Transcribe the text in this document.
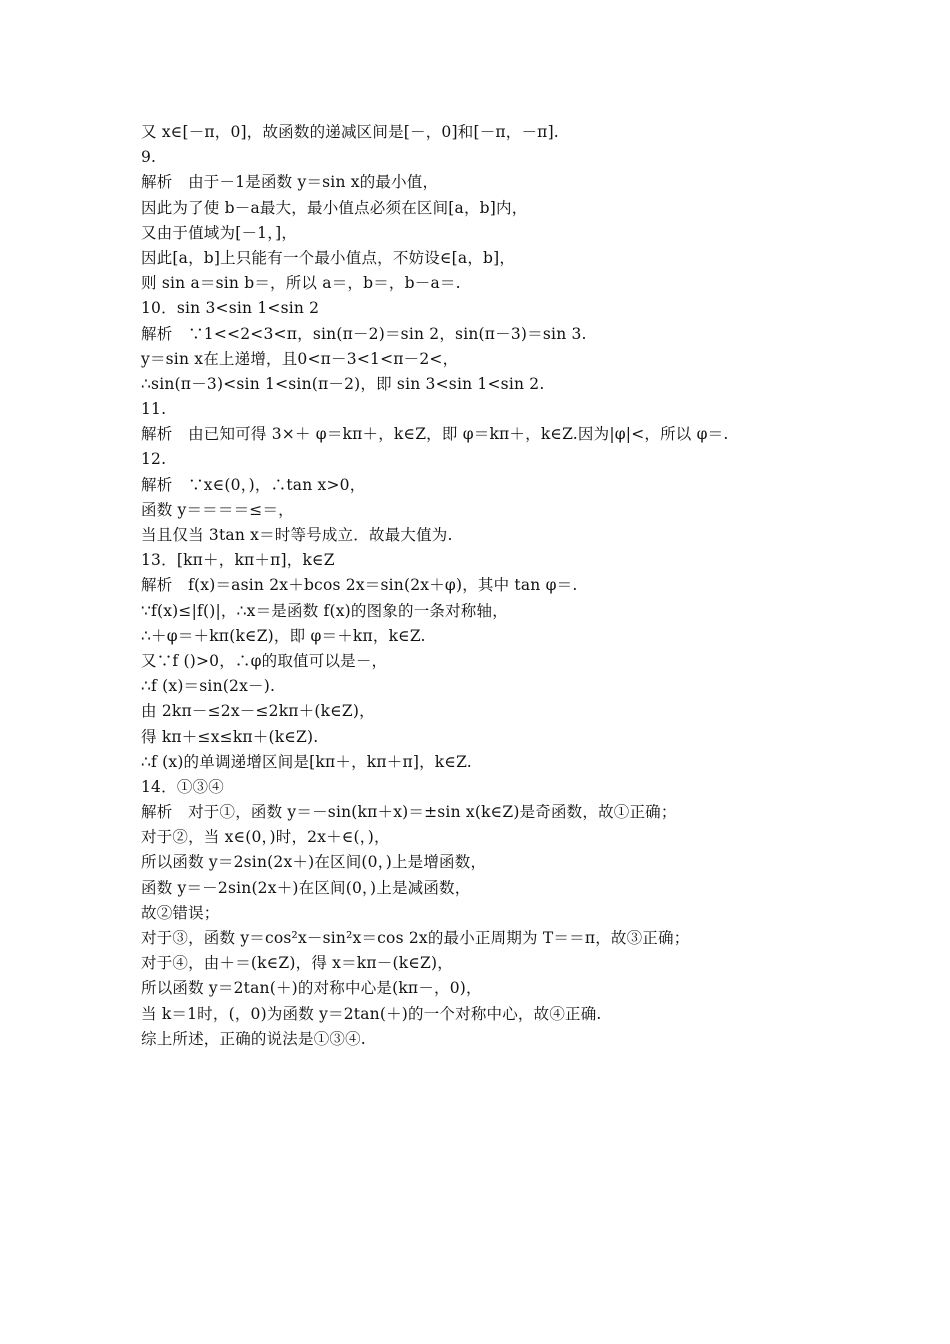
又 x∈[－π，0]，故函数的递减区间是[－，0]和[－π，－π].
9.
解析　由于－1是函数 y＝sin x的最小值，
因此为了使 b－a最大，最小值点必须在区间[a，b]内，
又由于值域为[－1，]，
因此[a，b]上只能有一个最小值点，不妨设∈[a，b]，
则 sin a＝sin b＝，所以 a＝，b＝，b－a＝.
10．sin 3<sin 1<sin 2
解析　∵1<<2<3<π，sin(π－2)＝sin 2，sin(π－3)＝sin 3.
y＝sin x在上递增，且0<π－3<1<π－2<，
∴sin(π－3)<sin 1<sin(π－2)，即 sin 3<sin 1<sin 2.
11.
解析　由已知可得 3×＋ φ＝kπ＋，k∈Z，即 φ＝kπ＋，k∈Z.因为|φ|<，所以 φ＝.
12.
解析　∵x∈(0，)，∴tan x>0，
函数 y＝＝＝＝≤＝，
当且仅当 3tan x＝时等号成立．故最大值为.
13．[kπ＋，kπ＋π]，k∈Z
解析　f(x)＝asin 2x＋bcos 2x＝sin(2x＋φ)，其中 tan φ＝.
∵f(x)≤|f()|，∴x＝是函数 f(x)的图象的一条对称轴，
∴＋φ＝＋kπ(k∈Z)，即 φ＝＋kπ，k∈Z.
又∵f ()>0，∴φ的取值可以是－，
∴f (x)＝sin(2x－).
由 2kπ－≤2x－≤2kπ＋(k∈Z)，
得 kπ＋≤x≤kπ＋(k∈Z).
∴f (x)的单调递增区间是[kπ＋，kπ＋π]，k∈Z.
14．①③④
解析　对于①，函数 y＝－sin(kπ＋x)＝±sin x(k∈Z)是奇函数，故①正确；
对于②，当 x∈(0，)时，2x＋∈(，)，
所以函数 y＝2sin(2x＋)在区间(0，)上是增函数，
函数 y＝－2sin(2x＋)在区间(0，)上是减函数，
故②错误；
对于③，函数 y＝cos²x－sin²x＝cos 2x的最小正周期为 T＝＝π，故③正确；
对于④，由＋＝(k∈Z)，得 x＝kπ－(k∈Z)，
所以函数 y＝2tan(＋)的对称中心是(kπ－，0)，
当 k＝1时，(，0)为函数 y＝2tan(＋)的一个对称中心，故④正确.
综上所述，正确的说法是①③④.
